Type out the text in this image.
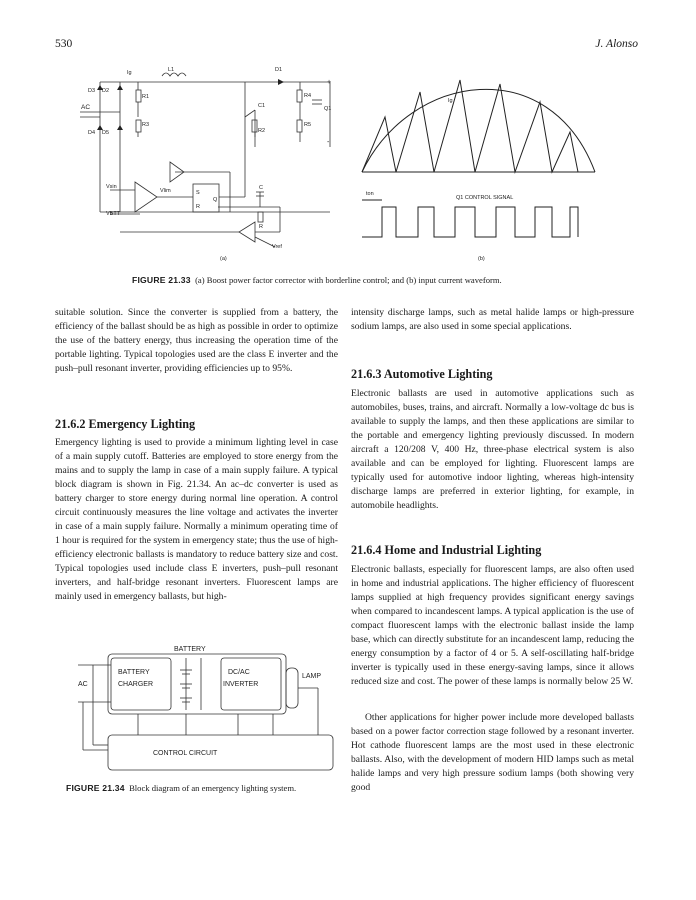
530	J. Alonso
Ig	L1	D1
+
D2
D3
R1
AC
R4
C1	Q1
R3
D4 D5	R2
R5
-
Vsin
Vlim
VBTT
S
R
Q
C
R
Vref
(a)
Ig
ton
Q1 CONTROL SIGNAL
(b)
FIGURE 21.33 (a) Boost power factor corrector with borderline control; and (b) input current waveform.

suitable solution. Since the converter is supplied from a battery, the efficiency of the ballast should be as high as possible in order to optimize the use of the battery energy, thus increasing the operation time of the portable lighting. Typical topologies used are the class E inverter and the push–pull resonant inverter, providing efficiencies up to 95%.

21.6.2 Emergency Lighting

Emergency lighting is used to provide a minimum lighting level in case of a main supply cutoff. Batteries are employed to store energy from the mains and to supply the lamp in case of a main supply failure. A typical block diagram is shown in Fig. 21.34. An ac–dc converter is used as battery charger to store energy during normal line operation. A control circuit continuously measures the line voltage and activates the inverter in case of a main supply failure. Normally a minimum operating time of 1 hour is required for the system in emergency state; thus the use of high-efficiency electronic ballasts is mandatory to reduce battery size and cost. Typical topologies used include class E inverters, push–pull resonant inverters, and half-bridge resonant inverters. Fluorescent lamps are mainly used in emergency ballasts, but high-

BATTERY
AC
BATTERY
CHARGER
DC/AC
INVERTER
LAMP
CONTROL CIRCUIT
FIGURE 21.34 Block diagram of an emergency lighting system.

intensity discharge lamps, such as metal halide lamps or high-pressure sodium lamps, are also used in some special applications.

21.6.3 Automotive Lighting

Electronic ballasts are used in automotive applications such as automobiles, buses, trains, and aircraft. Normally a low-voltage dc bus is available to supply the lamps, and then these applications are similar to the portable and emergency lighting previously discussed. In modern aircraft a 120/208 V, 400 Hz, three-phase electrical system is also available and can be employed for lighting. Fluorescent lamps are typically used for automotive indoor lighting, whereas high-intensity discharge lamps are preferred in exterior lighting, for example, in automobile headlights.

21.6.4 Home and Industrial Lighting

Electronic ballasts, especially for fluorescent lamps, are also often used in home and industrial applications. The higher efficiency of fluorescent lamps supplied at high frequency provides significant energy savings when compared to incandescent lamps. A typical application is the use of compact fluorescent lamps with the electronic ballast inside the lamp base, which can directly substitute for an incandescent lamp, reducing the energy consumption by a factor of 4 or 5. A self-oscillating half-bridge inverter is typically used in these energy-saving lamps, since it allows reduced size and cost. The power of these lamps is normally below 25 W.

Other applications for higher power include more developed ballasts based on a power factor correction stage followed by a resonant inverter. Hot cathode fluorescent lamps are the most used in these electronic ballasts. Also, with the development of modern HID lamps such as metal halide lamps and very high pressure sodium lamps (both showing very good
